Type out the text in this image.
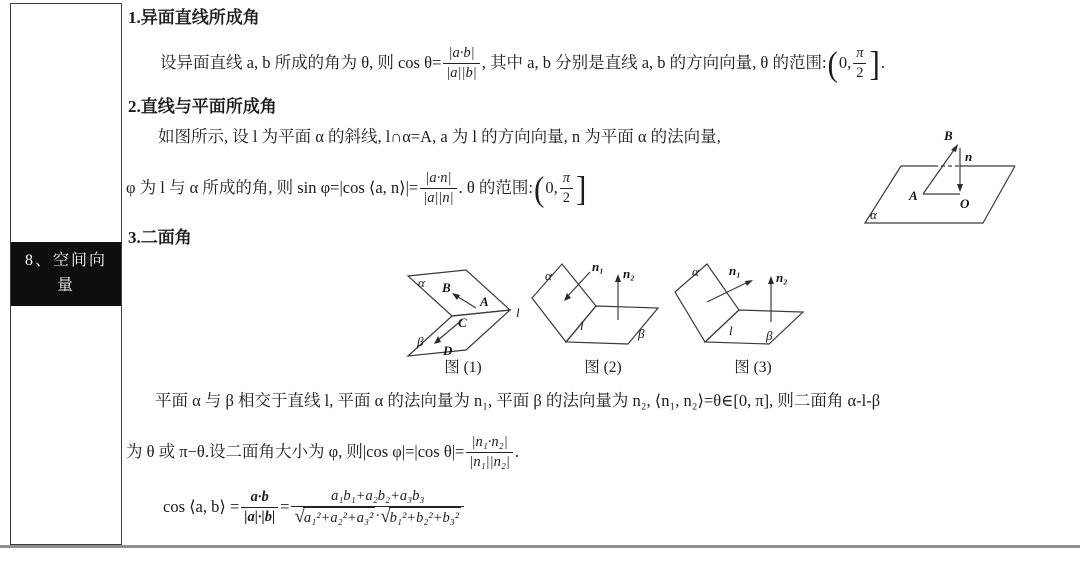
8、空间向
量
1.异面直线所成角
设异面直线 a, b 所成的角为 θ, 则 $\cos \theta= \frac{|a\cdot b|}{|a||b|}$ , 其中 a, b 分别是直线 a, b 的方向向量, θ 的范围: ( 0, $\frac{\pi}{2}$ ] .
2.直线与平面所成角
如图所示, 设 l 为平面 α 的斜线, l∩α=A, a 为 l 的方向向量, n 为平面 α 的法向量,
φ 为 l 与 α 所成的角, 则 sin φ=|cos ⟨a, n⟩|= $\frac{|a\cdot n|}{|a||n|}$ . θ 的范围: ( 0, $\frac{\pi}{2}$ ]
B
n
A
O
α
3.二面角
α B
A
C
D
β
l
图 (1)
α
n₁ n₂
l
β
图 (2)
α n₁	n₂
l	β
图 (3)
平面 α 与 β 相交于直线 l, 平面 α 的法向量为 n₁, 平面 β 的法向量为 n₂, ⟨n₁, n₂⟩=θ∈[0, π], 则二面角 α-l-β
为 θ 或 π−θ.设二面角大小为 φ, 则|cos φ|=|cos $\theta|= \frac{\text{|n₁·n₂|}}{\text{|n₁||n₂|}}$ .
cos ⟨a, b⟩ = $\frac{a\cdot b}{|a|\cdot|b|}$ =
a₁b₁+a₂b₂+a₃b₃
√ a₁²+a₂²+a₃² · √ b₁²+b₂²+b₃²
